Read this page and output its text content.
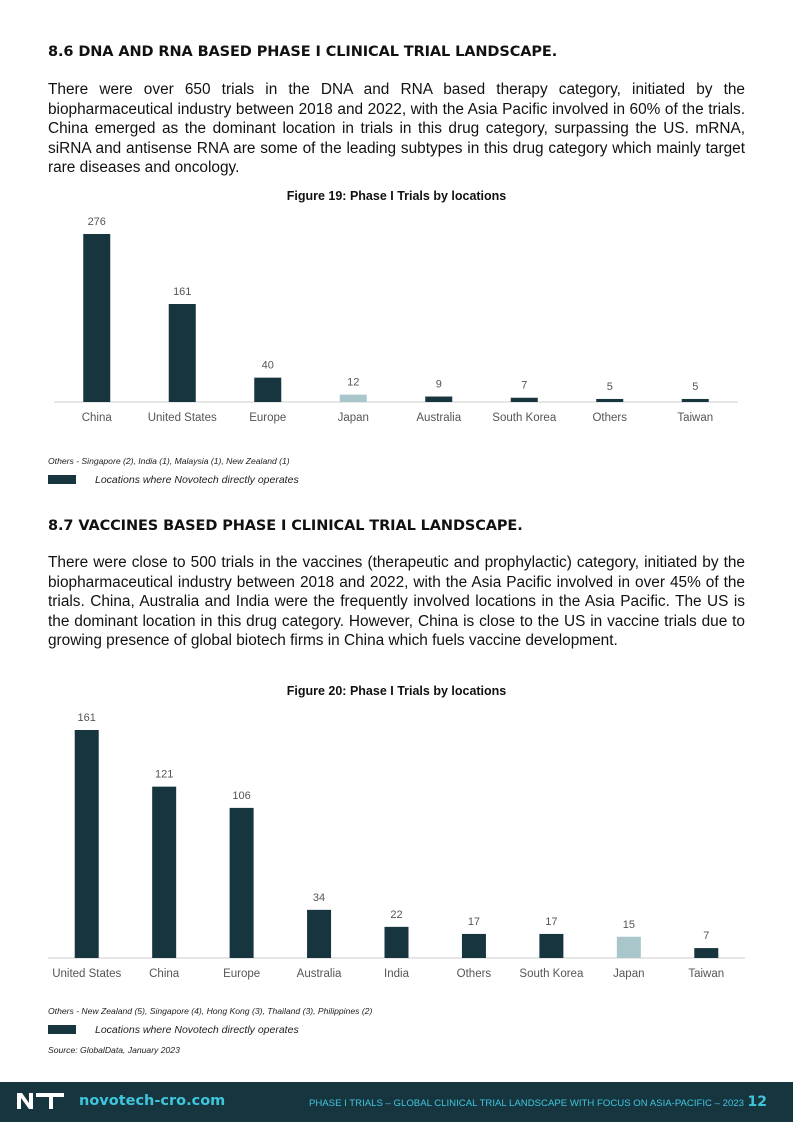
8.6 DNA AND RNA BASED PHASE I CLINICAL TRIAL LANDSCAPE.

There were over 650 trials in the DNA and RNA based therapy category, initiated by the biopharmaceutical industry between 2018 and 2022, with the Asia Pacific involved in 60% of the trials. China emerged as the dominant location in trials in this drug category, surpassing the US. mRNA, siRNA and antisense RNA are some of the leading subtypes in this drug category which mainly target rare diseases and oncology.

Figure 19: Phase I Trials by locations
276
China
161
United States
40
Europe
12
Japan
9
Australia
7
South Korea
5
Others
5
Taiwan
Others - Singapore (2), India (1), Malaysia (1), New Zealand (1)
Locations where Novotech directly operates
8.7 VACCINES BASED PHASE I CLINICAL TRIAL LANDSCAPE.

There were close to 500 trials in the vaccines (therapeutic and prophylactic) category, initiated by the biopharmaceutical industry between 2018 and 2022, with the Asia Pacific involved in over 45% of the trials. China, Australia and India were the frequently involved locations in the Asia Pacific. The US is the dominant location in this drug category. However, China is close to the US in vaccine trials due to growing presence of global biotech firms in China which fuels vaccine development.

Figure 20: Phase I Trials by locations
161
United States
121
China
106
Europe
34
Australia
22
India
17
Others
17
South Korea
15
Japan
7
Taiwan
Others - New Zealand (5), Singapore (4), Hong Kong (3), Thailand (3), Philippines (2)
Locations where Novotech directly operates
Source: GlobalData, January 2023
novotech-cro.com	PHASE I TRIALS – GLOBAL CLINICAL TRIAL LANDSCAPE WITH FOCUS ON ASIA-PACIFIC – 2023 12
